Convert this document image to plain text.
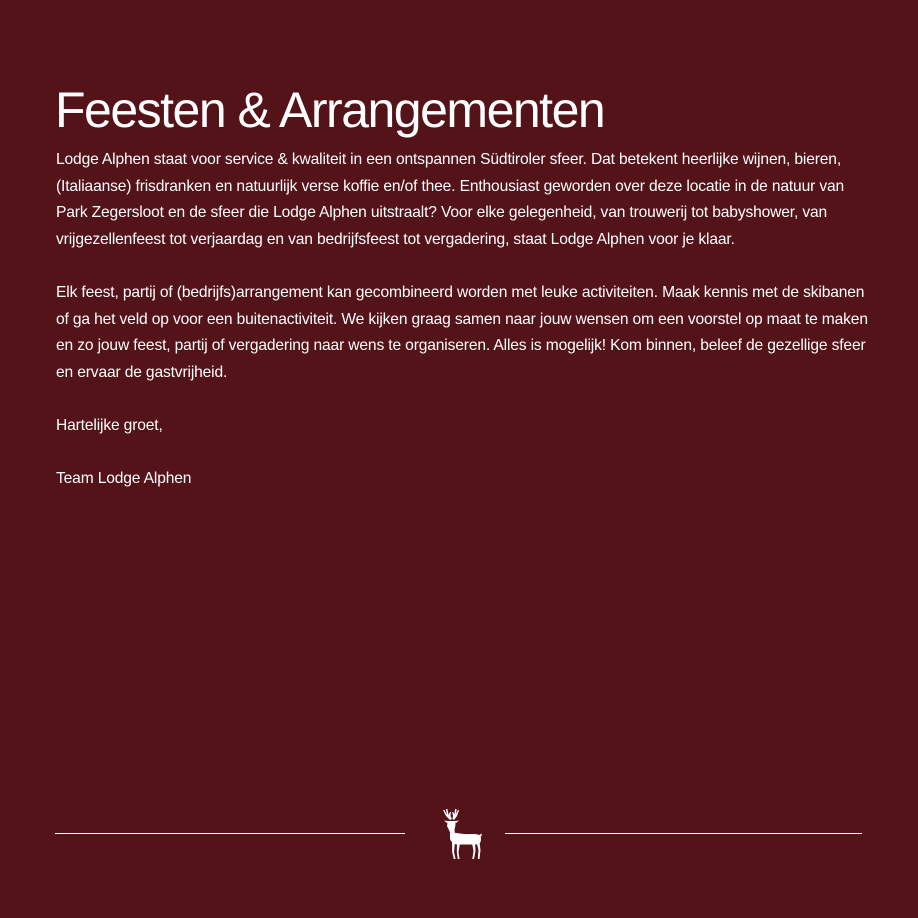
Feesten & Arrangementen

Lodge Alphen staat voor service & kwaliteit in een ontspannen Südtiroler sfeer. Dat betekent heerlijke wijnen, bieren, (Italiaanse) frisdranken en natuurlijk verse koffie en/of thee. Enthousiast geworden over deze locatie in de natuur van Park Zegersloot en de sfeer die Lodge Alphen uitstraalt? Voor elke gelegenheid, van trouwerij tot babyshower, van vrijgezellenfeest tot verjaardag en van bedrijfsfeest tot vergadering, staat Lodge Alphen voor je klaar.

Elk feest, partij of (bedrijfs)arrangement kan gecombineerd worden met leuke activiteiten. Maak kennis met de skibanen of ga het veld op voor een buitenactiviteit. We kijken graag samen naar jouw wensen om een voorstel op maat te maken en zo jouw feest, partij of vergadering naar wens te organiseren. Alles is mogelijk! Kom binnen, beleef de gezellige sfeer en ervaar de gastvrijheid.

Hartelijke groet,

Team Lodge Alphen
